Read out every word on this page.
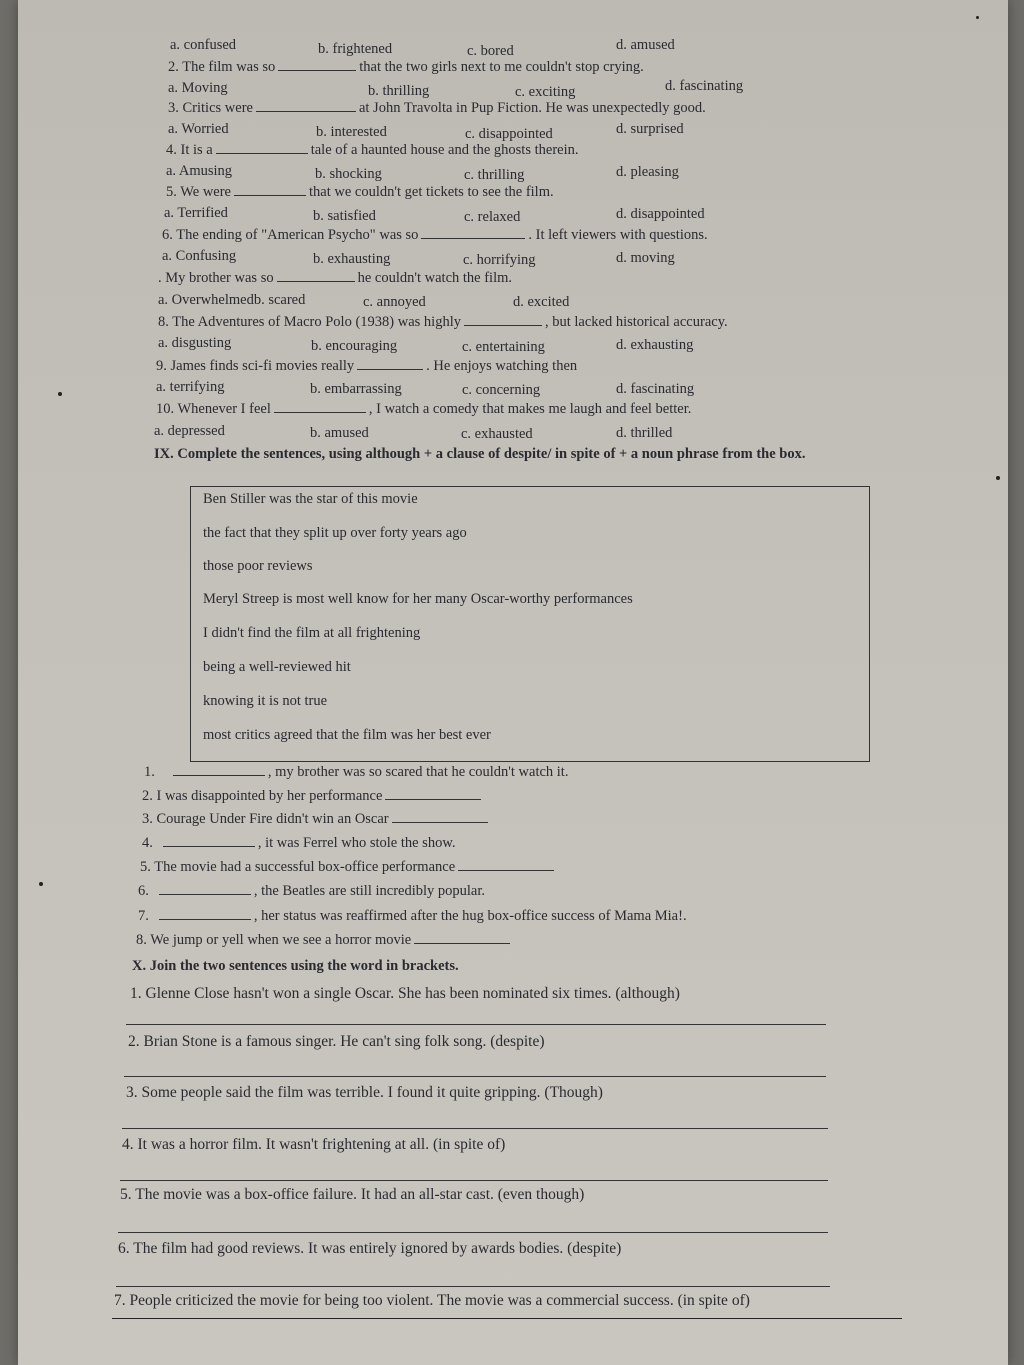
a. confused	b. frightened	c. bored	d. amused
2. The film was so	that the two girls next to me couldn't stop crying.
a. Moving	b. thrilling	c. exciting	d. fascinating
3. Critics were	at John Travolta in Pup Fiction. He was unexpectedly good.
a. Worried	b. interested	c. disappointed	d. surprised
4. It is a	tale of a haunted house and the ghosts therein.
a. Amusing	b. shocking	c. thrilling	d. pleasing
5. We were	that we couldn't get tickets to see the film.
a. Terrified	b. satisfied	c. relaxed	d. disappointed
6. The ending of "American Psycho" was so	. It left viewers with questions.
a. Confusing	b. exhausting	c. horrifying	d. moving
. My brother was so	he couldn't watch the film.
a. Overwhelmedb. scared	c. annoyed	d. excited
8. The Adventures of Macro Polo (1938) was highly	, but lacked historical accuracy.
a. disgusting	b. encouraging	c. entertaining	d. exhausting
9. James finds sci-fi movies really	. He enjoys watching then
a. terrifying	b. embarrassing	c. concerning	d. fascinating
10. Whenever I feel	, I watch a comedy that makes me laugh and feel better.
a. depressed	b. amused	c. exhausted	d. thrilled
IX. Complete the sentences, using although + a clause of despite/ in spite of + a noun phrase from the box.
Ben Stiller was the star of this movie
the fact that they split up over forty years ago
those poor reviews
Meryl Streep is most well know for her many Oscar-worthy performances
I didn't find the film at all frightening
being a well-reviewed hit
knowing it is not true
most critics agreed that the film was her best ever
1.	, my brother was so scared that he couldn't watch it.
2. I was disappointed by her performance
3. Courage Under Fire didn't win an Oscar
4.	, it was Ferrel who stole the show.
5. The movie had a successful box-office performance
6.	, the Beatles are still incredibly popular.
7.	, her status was reaffirmed after the hug box-office success of Mama Mia!.
8. We jump or yell when we see a horror movie
X. Join the two sentences using the word in brackets.
1. Glenne Close hasn't won a single Oscar. She has been nominated six times. (although)
2. Brian Stone is a famous singer. He can't sing folk song. (despite)
3. Some people said the film was terrible. I found it quite gripping. (Though)
4. It was a horror film. It wasn't frightening at all. (in spite of)
5. The movie was a box-office failure. It had an all-star cast. (even though)
6. The film had good reviews. It was entirely ignored by awards bodies. (despite)
7. People criticized the movie for being too violent. The movie was a commercial success. (in spite of)
